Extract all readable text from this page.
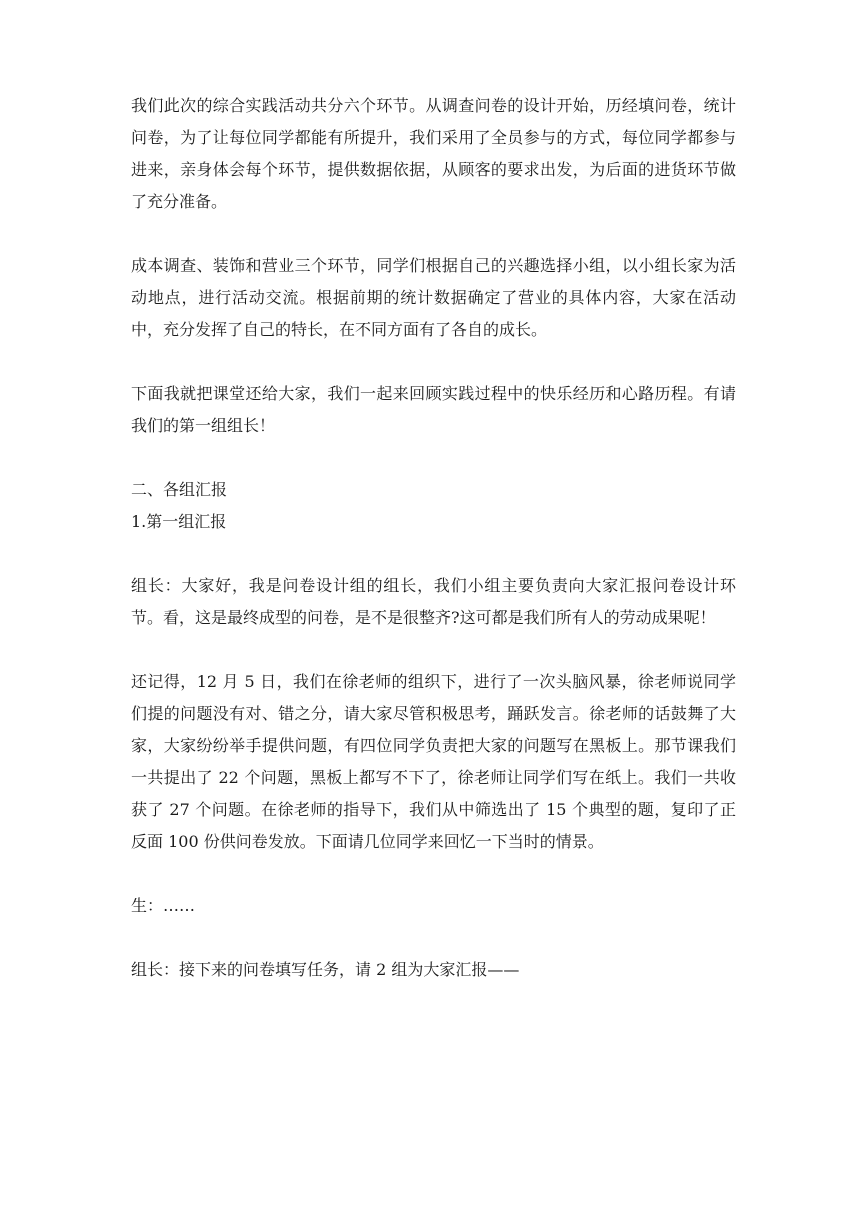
我们此次的综合实践活动共分六个环节。从调查问卷的设计开始，历经填问卷，统计问卷，为了让每位同学都能有所提升，我们采用了全员参与的方式，每位同学都参与进来，亲身体会每个环节，提供数据依据，从顾客的要求出发，为后面的进货环节做了充分准备。

成本调查、装饰和营业三个环节，同学们根据自己的兴趣选择小组，以小组长家为活动地点，进行活动交流。根据前期的统计数据确定了营业的具体内容，大家在活动中，充分发挥了自己的特长，在不同方面有了各自的成长。

下面我就把课堂还给大家，我们一起来回顾实践过程中的快乐经历和心路历程。有请我们的第一组组长！

二、各组汇报

1.第一组汇报

组长：大家好，我是问卷设计组的组长，我们小组主要负责向大家汇报问卷设计环节。看，这是最终成型的问卷，是不是很整齐?这可都是我们所有人的劳动成果呢！

还记得，12 月 5 日，我们在徐老师的组织下，进行了一次头脑风暴，徐老师说同学们提的问题没有对、错之分，请大家尽管积极思考，踊跃发言。徐老师的话鼓舞了大家，大家纷纷举手提供问题，有四位同学负责把大家的问题写在黑板上。那节课我们一共提出了 22 个问题，黑板上都写不下了，徐老师让同学们写在纸上。我们一共收获了 27 个问题。在徐老师的指导下，我们从中筛选出了 15 个典型的题，复印了正反面 100 份供问卷发放。下面请几位同学来回忆一下当时的情景。

生：……

组长：接下来的问卷填写任务，请 2 组为大家汇报——
